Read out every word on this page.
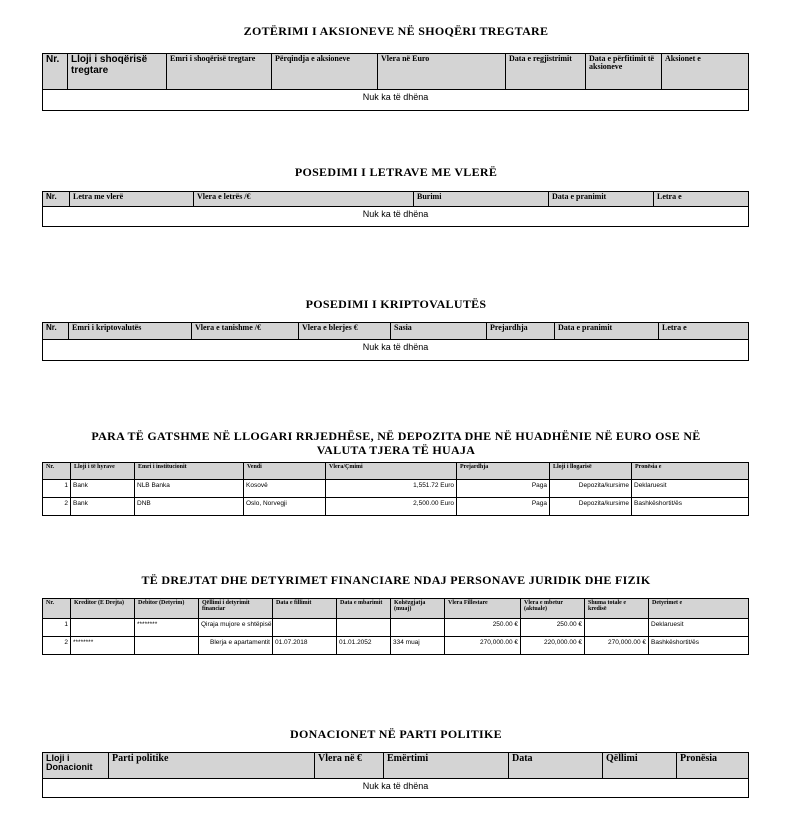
ZOTËRIMI I AKSIONEVE NË SHOQËRI TREGTARE
Nr.	Lloji i shoqërisë tregtare	Emri i shoqërisë tregtare	Përqindja e aksioneve	Vlera në Euro	Data e regjistrimit	Data e përfitimit të aksioneve	Aksionet e
Nuk ka të dhëna
POSEDIMI I LETRAVE ME VLERË
Nr.	Letra me vlerë	Vlera e letrës /€	Burimi	Data e pranimit	Letra e
Nuk ka të dhëna
POSEDIMI I KRIPTOVALUTËS
Nr.	Emri i kriptovalutës	Vlera e tanishme /€	Vlera e blerjes €	Sasia	Prejardhja	Data e pranimit	Letra e
Nuk ka të dhëna
PARA TË GATSHME NË LLOGARI RRJEDHËSE, NË DEPOZITA DHE NË HUADHËNIE NË EURO OSE NË
VALUTA TJERA TË HUAJA
Nr.	Lloji i të hyrave	Emri i institucionit	Vendi	Vlera/Çmimi	Prejardhja	Lloji i llogarisë	Pronësia e
1	Bank	NLB Banka	Kosovë	1,551.72 Euro	Paga	Depozita/kursime	Deklaruesit
2	Bank	DNB	Oslo, Norvegji	2,500.00 Euro	Paga	Depozita/kursime	Bashkëshortit/ës
TË DREJTAT DHE DETYRIMET FINANCIARE NDAJ PERSONAVE JURIDIK DHE FIZIK
Nr.	Kreditor (E Drejta)	Debitor (Detyrim)	Qëllimi i detyrimit financiar	Data e fillimit	Data e mbarimit	Kohëzgjatja (muaj)	Vlera Fillestare	Vlera e mbetur (aktuale)	Shuma totale e kredisë	Detyrimet e
1		********	Qiraja mujore e shtëpisë				250.00 €	250.00 €		Deklaruesit
2	********		Blerja e apartamentit	01.07.2018	01.01.2052	334 muaj	270,000.00 €	220,000.00 €	270,000.00 €	Bashkëshortit/ës
DONACIONET NË PARTI POLITIKE
Lloji i Donacionit	Parti politike	Vlera në €	Emërtimi	Data	Qëllimi	Pronësia
Nuk ka të dhëna
